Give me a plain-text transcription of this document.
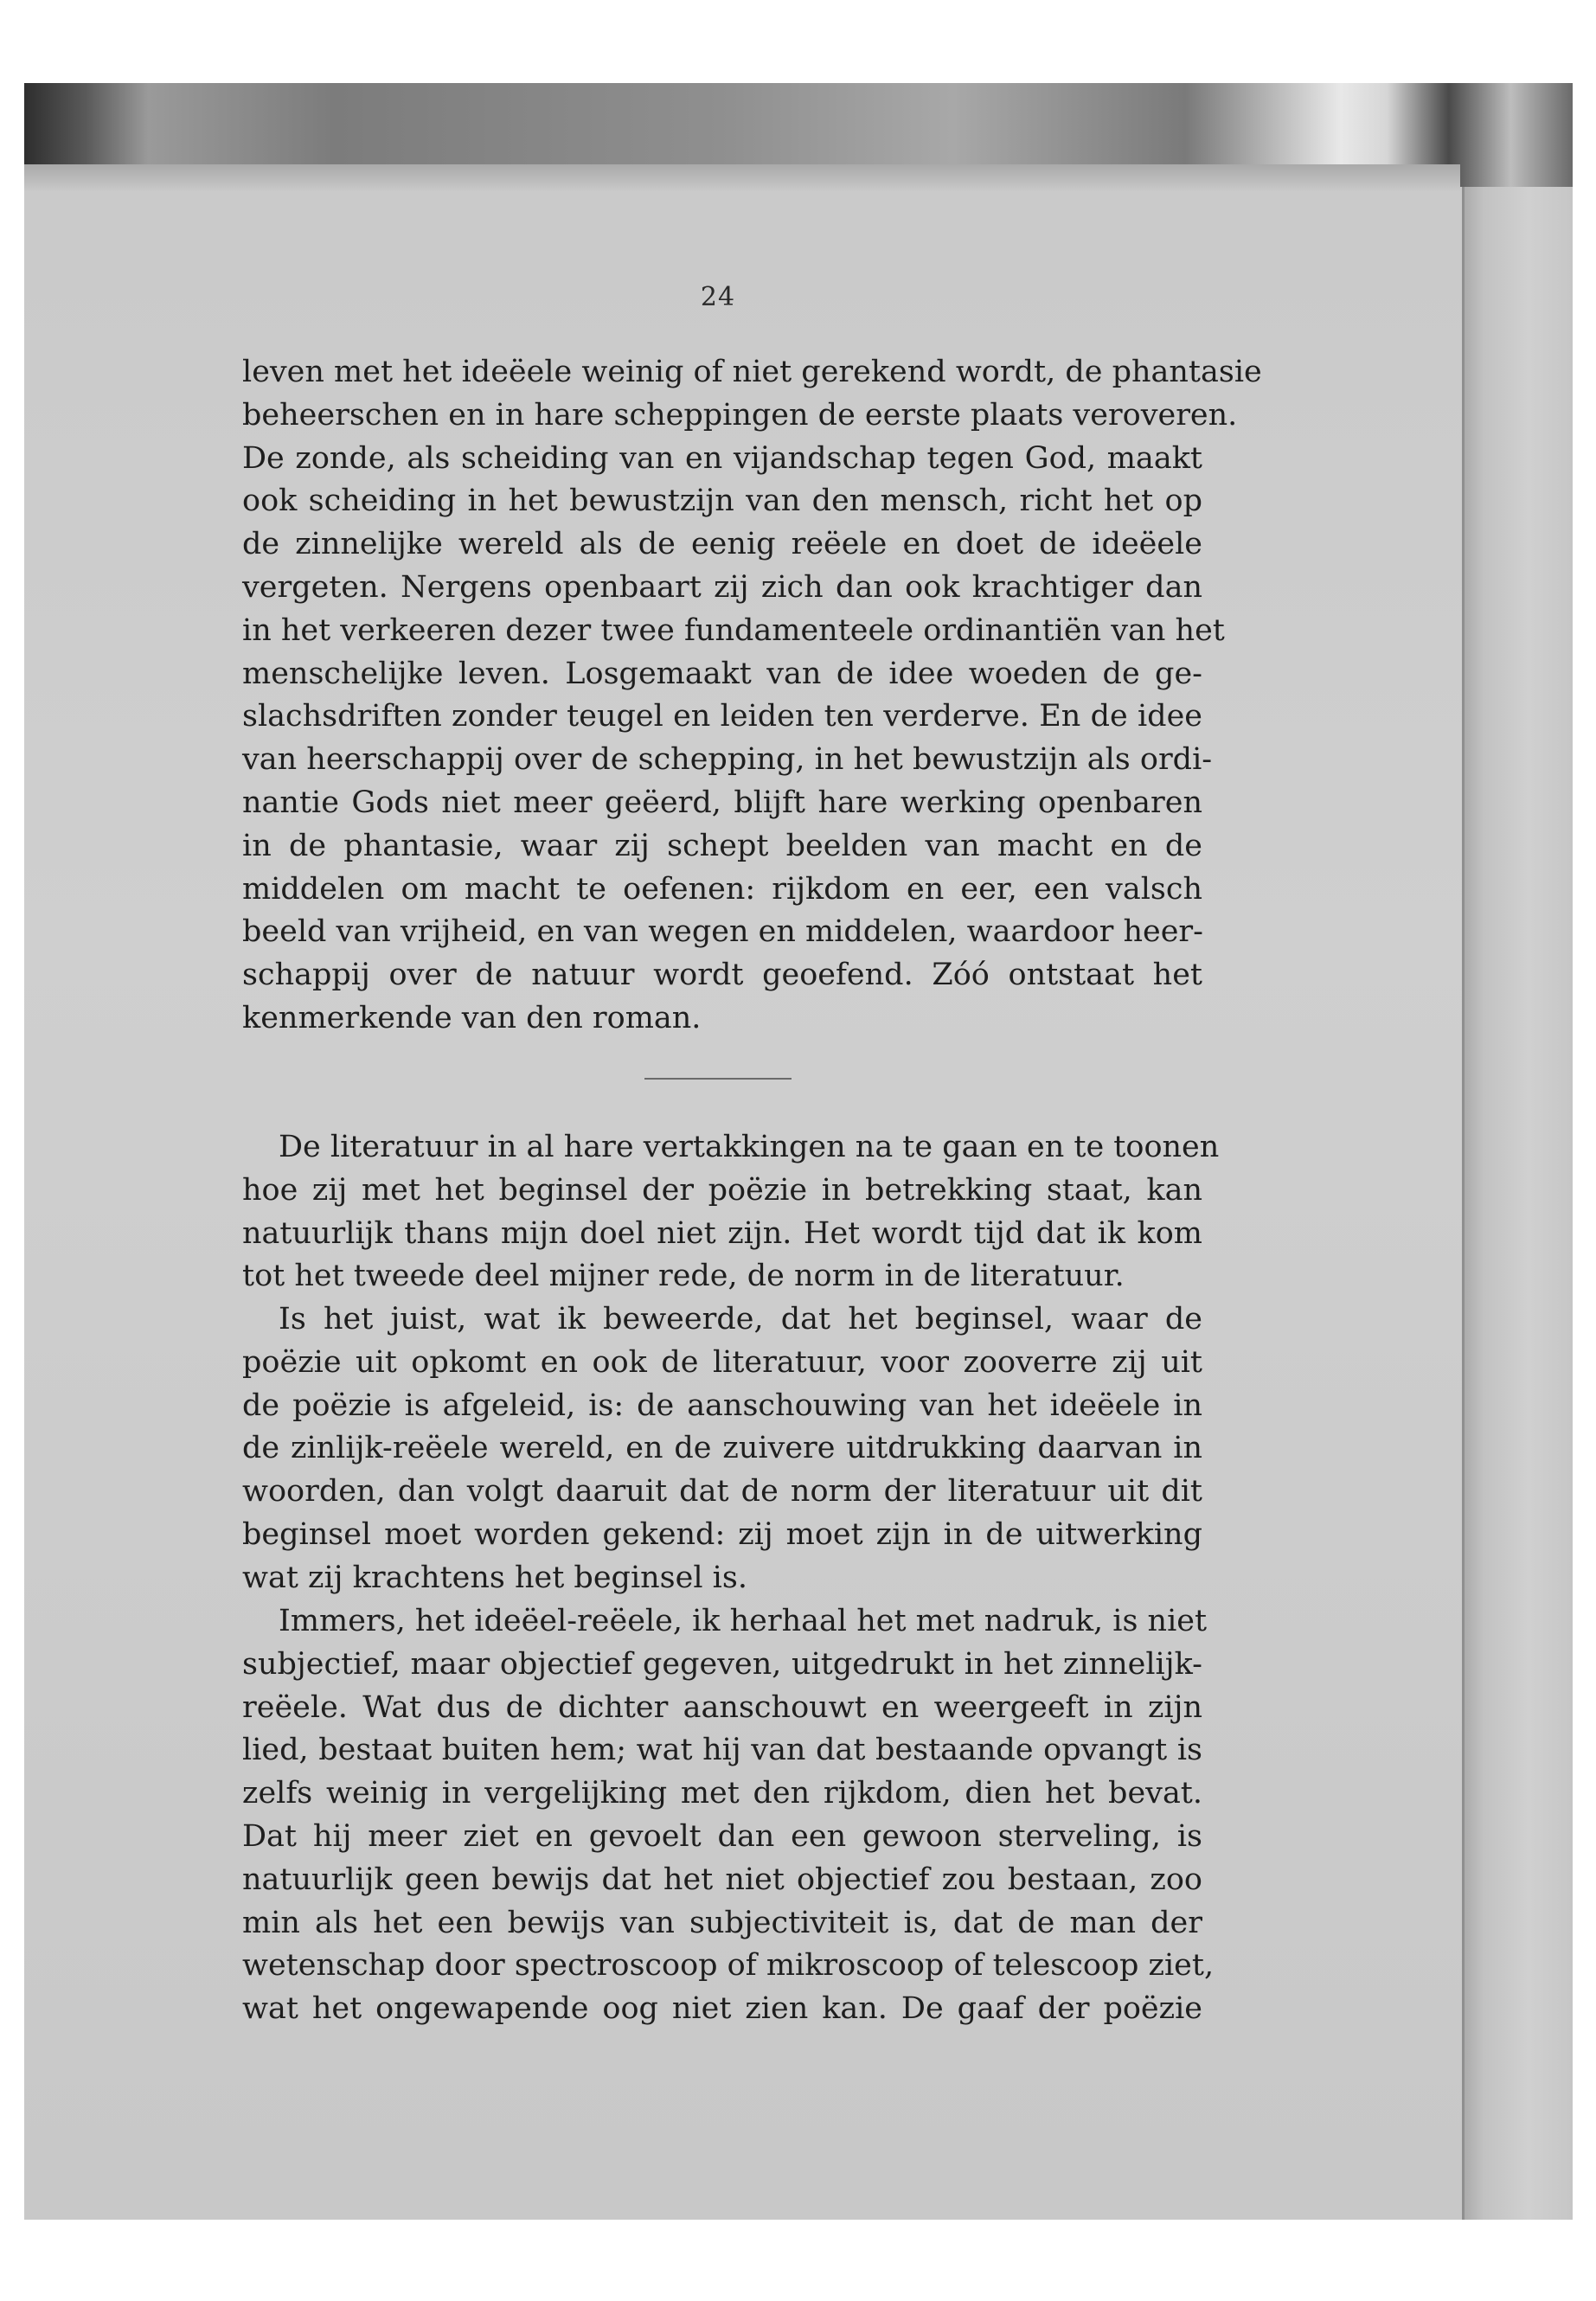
24
leven met het ideëele weinig of niet gerekend wordt, de phantasie
beheerschen en in hare scheppingen de eerste plaats veroveren.
De zonde, als scheiding van en vijandschap tegen God, maakt
ook scheiding in het bewustzijn van den mensch, richt het op
de zinnelijke wereld als de eenig reëele en doet de ideëele
vergeten. Nergens openbaart zij zich dan ook krachtiger dan
in het verkeeren dezer twee fundamenteele ordinantiën van het
menschelijke leven. Losgemaakt van de idee woeden de ge-
slachsdriften zonder teugel en leiden ten verderve. En de idee
van heerschappij over de schepping, in het bewustzijn als ordi-
nantie Gods niet meer geëerd, blijft hare werking openbaren
in de phantasie, waar zij schept beelden van macht en de
middelen om macht te oefenen: rijkdom en eer, een valsch
beeld van vrijheid, en van wegen en middelen, waardoor heer-
schappij over de natuur wordt geoefend. Zóó ontstaat het
kenmerkende van den roman.
De literatuur in al hare vertakkingen na te gaan en te toonen
hoe zij met het beginsel der poëzie in betrekking staat, kan
natuurlijk thans mijn doel niet zijn. Het wordt tijd dat ik kom
tot het tweede deel mijner rede, de norm in de literatuur.
Is het juist, wat ik beweerde, dat het beginsel, waar de
poëzie uit opkomt en ook de literatuur, voor zooverre zij uit
de poëzie is afgeleid, is: de aanschouwing van het ideëele in
de zinlijk-reëele wereld, en de zuivere uitdrukking daarvan in
woorden, dan volgt daaruit dat de norm der literatuur uit dit
beginsel moet worden gekend: zij moet zijn in de uitwerking
wat zij krachtens het beginsel is.
Immers, het ideëel-reëele, ik herhaal het met nadruk, is niet
subjectief, maar objectief gegeven, uitgedrukt in het zinnelijk-
reëele. Wat dus de dichter aanschouwt en weergeeft in zijn
lied, bestaat buiten hem; wat hij van dat bestaande opvangt is
zelfs weinig in vergelijking met den rijkdom, dien het bevat.
Dat hij meer ziet en gevoelt dan een gewoon sterveling, is
natuurlijk geen bewijs dat het niet objectief zou bestaan, zoo
min als het een bewijs van subjectiviteit is, dat de man der
wetenschap door spectroscoop of mikroscoop of telescoop ziet,
wat het ongewapende oog niet zien kan. De gaaf der poëzie
